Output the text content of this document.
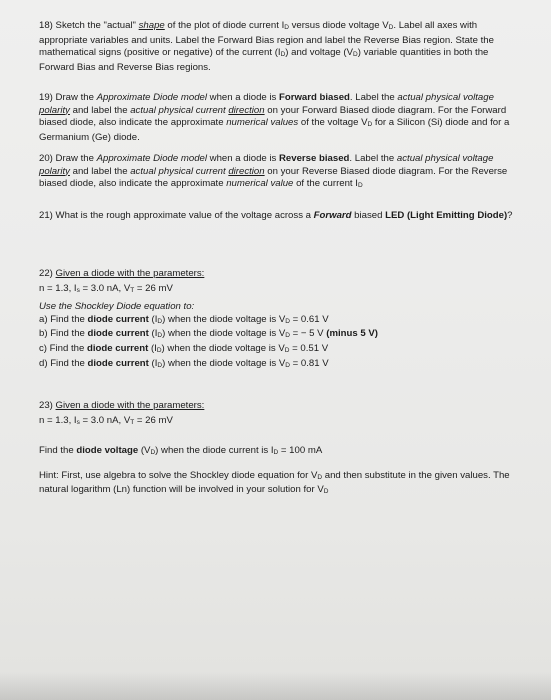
18) Sketch the "actual" shape of the plot of diode current ID versus diode voltage VD. Label all axes with appropriate variables and units. Label the Forward Bias region and label the Reverse Bias region. State the mathematical signs (positive or negative) of the current (ID) and voltage (VD) variable quantities in both the Forward Bias and Reverse Bias regions.

19) Draw the Approximate Diode model when a diode is Forward biased. Label the actual physical voltage polarity and label the actual physical current direction on your Forward Biased diode diagram. For the Forward biased diode, also indicate the approximate numerical values of the voltage VD for a Silicon (Si) diode and for a Germanium (Ge) diode.

20) Draw the Approximate Diode model when a diode is Reverse biased. Label the actual physical voltage polarity and label the actual physical current direction on your Reverse Biased diode diagram. For the Reverse biased diode, also indicate the approximate numerical value of the current ID

21) What is the rough approximate value of the voltage across a Forward biased LED (Light Emitting Diode)?

22) Given a diode with the parameters:

n = 1.3, Is = 3.0 nA, VT = 26 mV

Use the Shockley Diode equation to:

a) Find the diode current (ID) when the diode voltage is VD = 0.61 V

b) Find the diode current (ID) when the diode voltage is VD = − 5 V (minus 5 V)

c) Find the diode current (ID) when the diode voltage is VD = 0.51 V

d) Find the diode current (ID) when the diode voltage is VD = 0.81 V

23) Given a diode with the parameters:

n = 1.3, Is = 3.0 nA, VT = 26 mV

Find the diode voltage (VD) when the diode current is ID = 100 mA

Hint: First, use algebra to solve the Shockley diode equation for VD and then substitute in the given values. The natural logarithm (Ln) function will be involved in your solution for VD
